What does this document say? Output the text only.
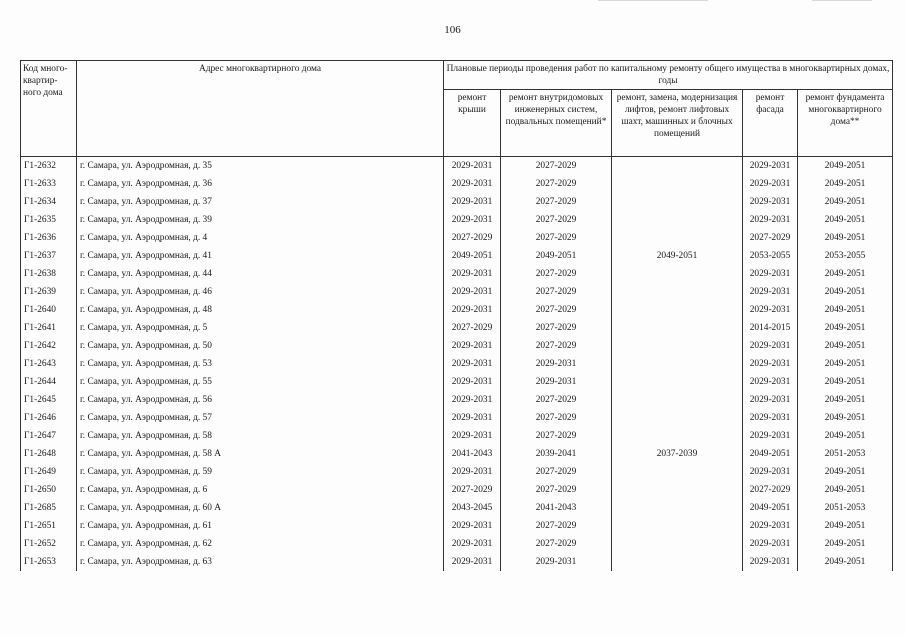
106
Код много-квартир-ного дома	Адрес многоквартирного дома	Плановые периоды проведения работ по капитальному ремонту общего имущества в многоквартирных домах, годы				
		ремонт крыши	ремонт внутридомовых инженерных систем, подвальных помещений*	ремонт, замена, модернизация лифтов, ремонт лифтовых шахт, машинных и блочных помещений	ремонт фасада	ремонт фундамента многоквартирного дома**
Г1-2632	г. Самара, ул. Аэродромная, д. 35	2029-2031	2027-2029		2029-2031	2049-2051
Г1-2633	г. Самара, ул. Аэродромная, д. 36	2029-2031	2027-2029		2029-2031	2049-2051
Г1-2634	г. Самара, ул. Аэродромная, д. 37	2029-2031	2027-2029		2029-2031	2049-2051
Г1-2635	г. Самара, ул. Аэродромная, д. 39	2029-2031	2027-2029		2029-2031	2049-2051
Г1-2636	г. Самара, ул. Аэродромная, д. 4	2027-2029	2027-2029		2027-2029	2049-2051
Г1-2637	г. Самара, ул. Аэродромная, д. 41	2049-2051	2049-2051	2049-2051	2053-2055	2053-2055
Г1-2638	г. Самара, ул. Аэродромная, д. 44	2029-2031	2027-2029		2029-2031	2049-2051
Г1-2639	г. Самара, ул. Аэродромная, д. 46	2029-2031	2027-2029		2029-2031	2049-2051
Г1-2640	г. Самара, ул. Аэродромная, д. 48	2029-2031	2027-2029		2029-2031	2049-2051
Г1-2641	г. Самара, ул. Аэродромная, д. 5	2027-2029	2027-2029		2014-2015	2049-2051
Г1-2642	г. Самара, ул. Аэродромная, д. 50	2029-2031	2027-2029		2029-2031	2049-2051
Г1-2643	г. Самара, ул. Аэродромная, д. 53	2029-2031	2029-2031		2029-2031	2049-2051
Г1-2644	г. Самара, ул. Аэродромная, д. 55	2029-2031	2029-2031		2029-2031	2049-2051
Г1-2645	г. Самара, ул. Аэродромная, д. 56	2029-2031	2027-2029		2029-2031	2049-2051
Г1-2646	г. Самара, ул. Аэродромная, д. 57	2029-2031	2027-2029		2029-2031	2049-2051
Г1-2647	г. Самара, ул. Аэродромная, д. 58	2029-2031	2027-2029		2029-2031	2049-2051
Г1-2648	г. Самара, ул. Аэродромная, д. 58 А	2041-2043	2039-2041	2037-2039	2049-2051	2051-2053
Г1-2649	г. Самара, ул. Аэродромная, д. 59	2029-2031	2027-2029		2029-2031	2049-2051
Г1-2650	г. Самара, ул. Аэродромная, д. 6	2027-2029	2027-2029		2027-2029	2049-2051
Г1-2685	г. Самара, ул. Аэродромная, д. 60 А	2043-2045	2041-2043		2049-2051	2051-2053
Г1-2651	г. Самара, ул. Аэродромная, д. 61	2029-2031	2027-2029		2029-2031	2049-2051
Г1-2652	г. Самара, ул. Аэродромная, д. 62	2029-2031	2027-2029		2029-2031	2049-2051
Г1-2653	г. Самара, ул. Аэродромная, д. 63	2029-2031	2029-2031		2029-2031	2049-2051
